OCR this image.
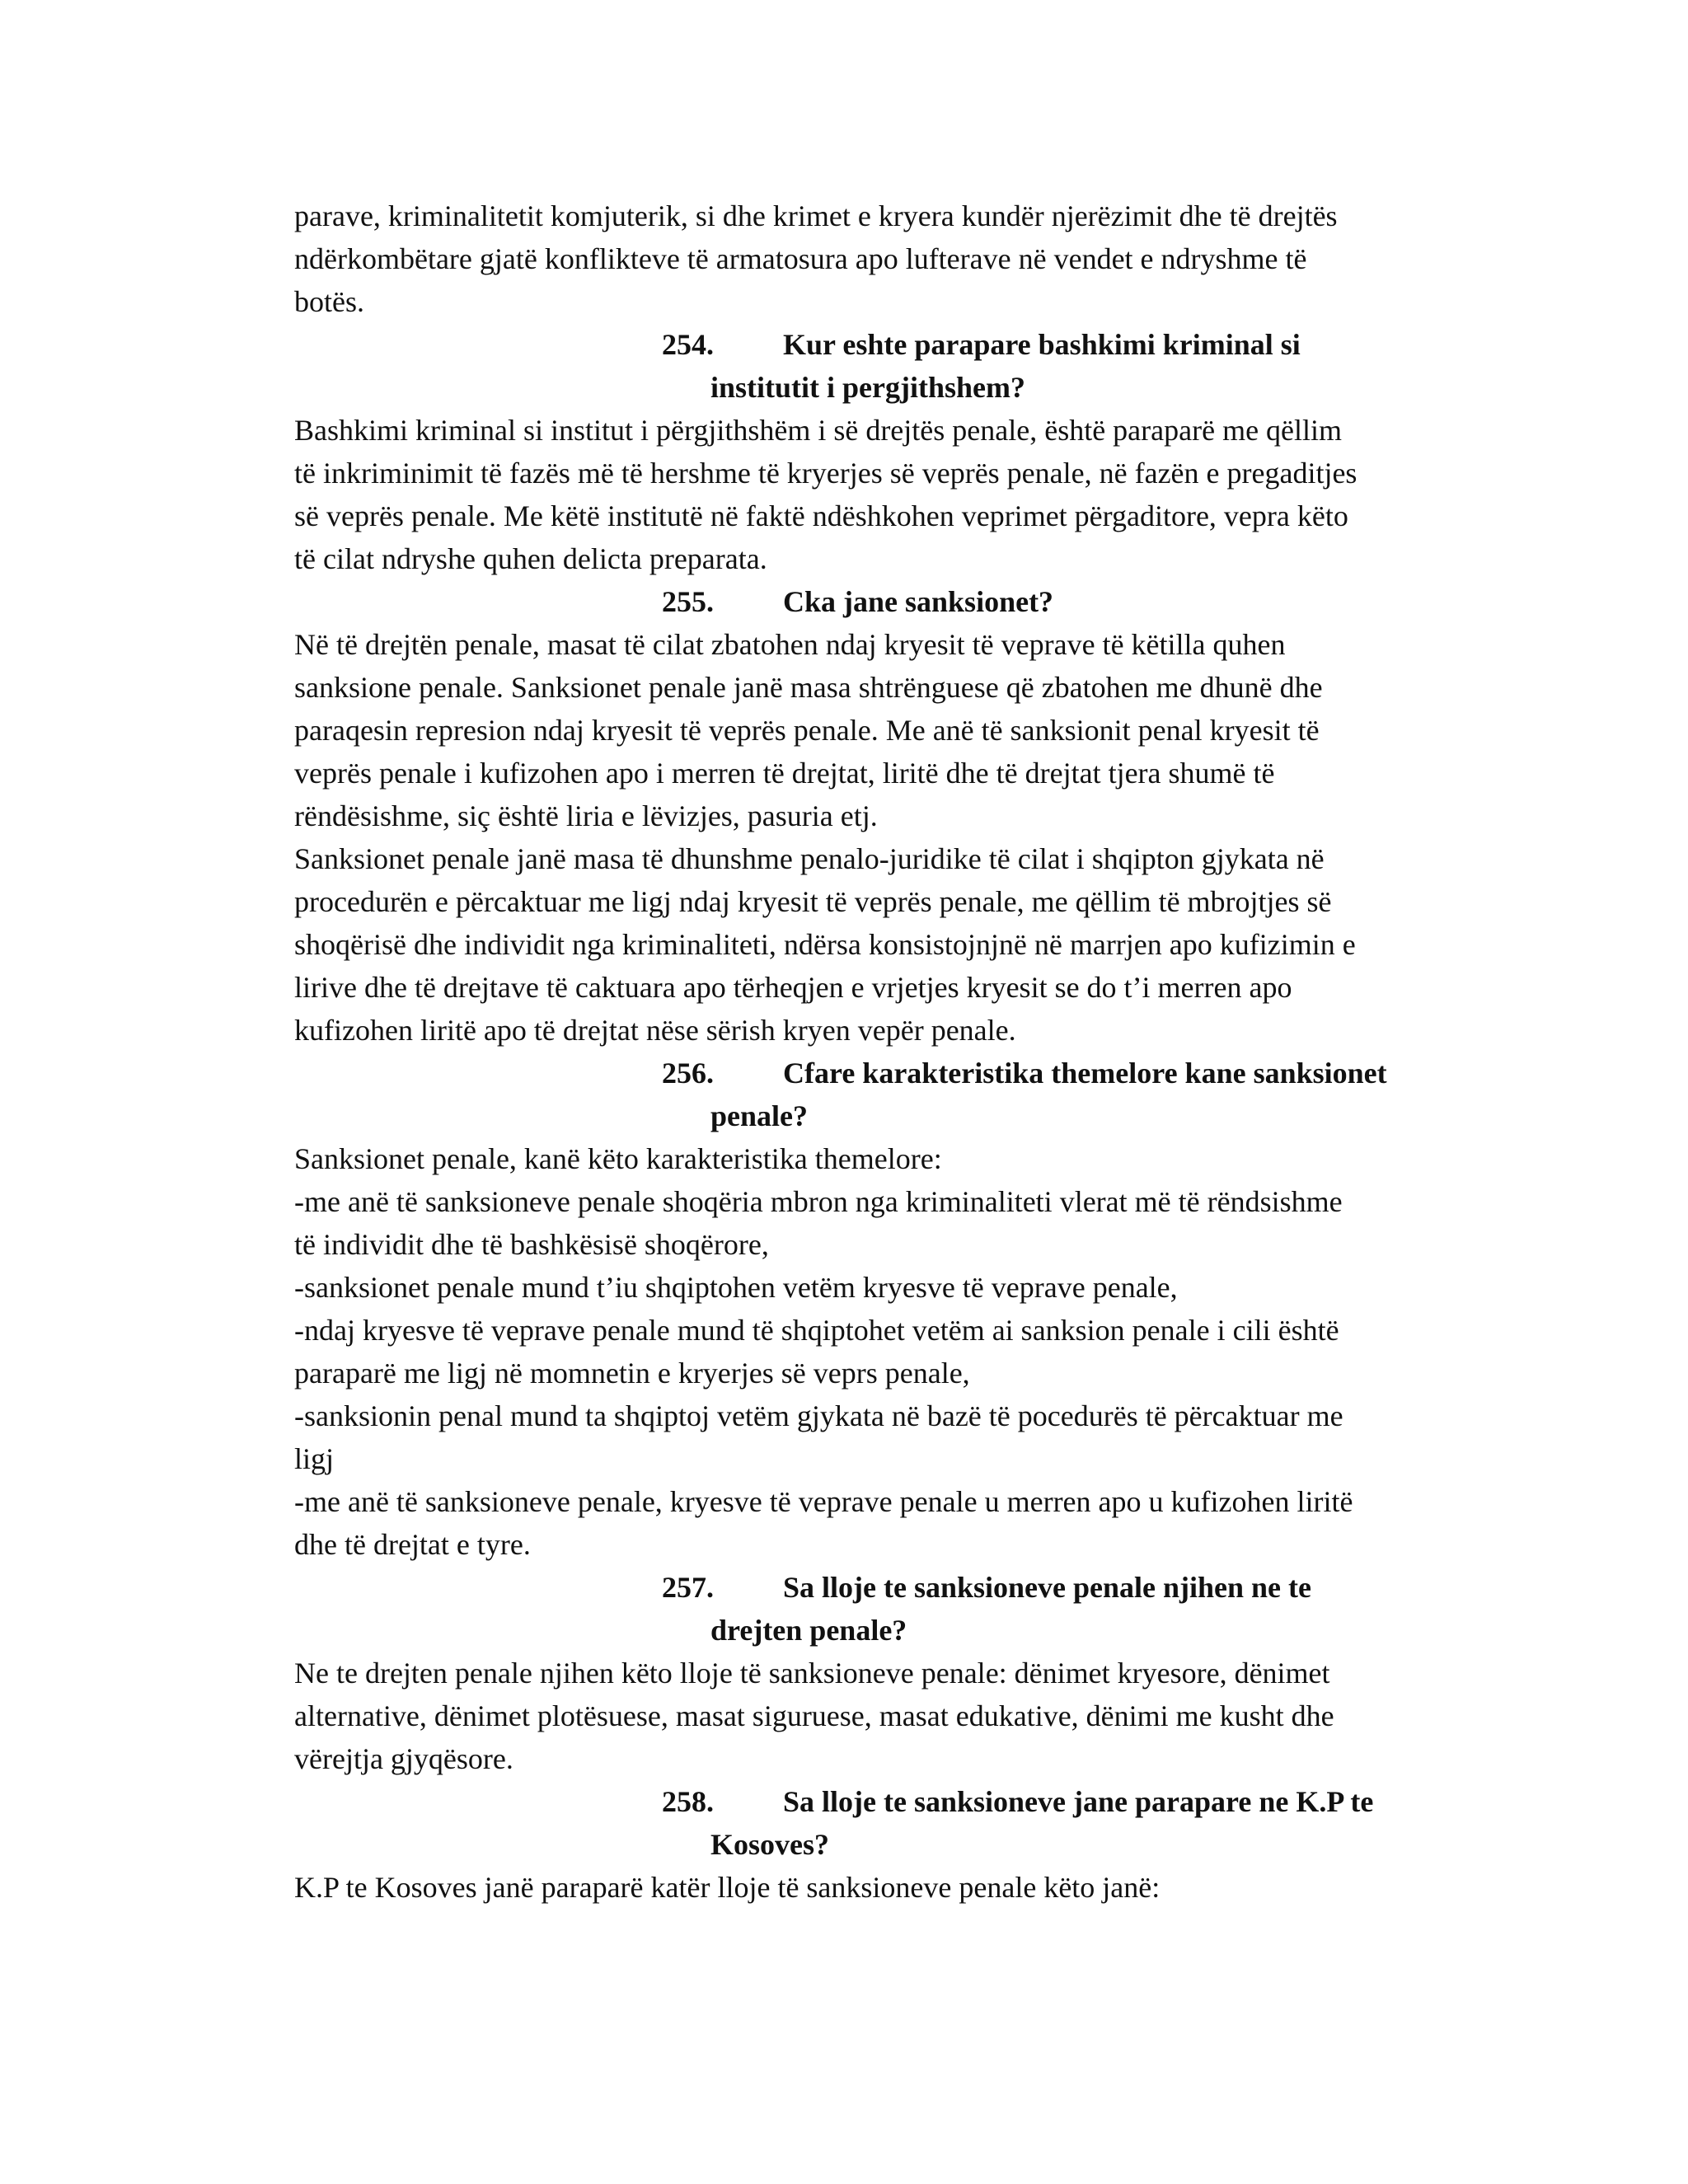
parave, kriminalitetit komjuterik, si dhe krimet e kryera kundër njerëzimit dhe të drejtës
ndërkombëtare gjatë konflikteve të armatosura apo lufterave në vendet e ndryshme të
botës.
254. Kur eshte parapare bashkimi kriminal si
institutit i pergjithshem?
Bashkimi kriminal si institut i përgjithshëm i së drejtës penale, është paraparë me qëllim
të inkriminimit të fazës më të hershme të kryerjes së veprës penale, në fazën e pregaditjes
së veprës penale. Me këtë institutë në faktë ndëshkohen veprimet përgaditore, vepra këto
të cilat ndryshe quhen delicta preparata.
255. Cka jane sanksionet?
Në të drejtën penale, masat të cilat zbatohen ndaj kryesit të veprave të këtilla quhen
sanksione penale. Sanksionet penale janë masa shtrënguese që zbatohen me dhunë dhe
paraqesin represion ndaj kryesit të veprës penale. Me anë të sanksionit penal kryesit të
veprës penale i kufizohen apo i merren të drejtat, liritë dhe të drejtat tjera shumë të
rëndësishme, siç është liria e lëvizjes, pasuria etj.
Sanksionet penale janë masa të dhunshme penalo-juridike të cilat i shqipton gjykata në
procedurën e përcaktuar me ligj ndaj kryesit të veprës penale, me qëllim të mbrojtjes së
shoqërisë dhe individit nga kriminaliteti, ndërsa konsistojnjnë në marrjen apo kufizimin e
lirive dhe të drejtave të caktuara apo tërheqjen e vrjetjes kryesit se do t’i merren apo
kufizohen liritë apo të drejtat nëse sërish kryen vepër penale.
256. Cfare karakteristika themelore kane sanksionet
penale?
Sanksionet penale, kanë këto karakteristika themelore:
-me anë të sanksioneve penale shoqëria mbron nga kriminaliteti vlerat më të rëndsishme
të individit dhe të bashkësisë shoqërore,
-sanksionet penale mund t’iu shqiptohen vetëm kryesve të veprave penale,
-ndaj kryesve të veprave penale mund të shqiptohet vetëm ai sanksion penale i cili është
paraparë me ligj në momnetin e kryerjes së veprs penale,
-sanksionin penal mund ta shqiptoj vetëm gjykata në bazë të pocedurës të përcaktuar me
ligj
-me anë të sanksioneve penale, kryesve të veprave penale u merren apo u kufizohen liritë
dhe të drejtat e tyre.
257. Sa lloje te sanksioneve penale njihen ne te
drejten penale?
Ne te drejten penale njihen këto lloje të sanksioneve penale: dënimet kryesore, dënimet
alternative, dënimet plotësuese, masat siguruese, masat edukative, dënimi me kusht dhe
vërejtja gjyqësore.
258. Sa lloje te sanksioneve jane parapare ne K.P te
Kosoves?
K.P te Kosoves janë paraparë katër lloje të sanksioneve penale këto janë:
